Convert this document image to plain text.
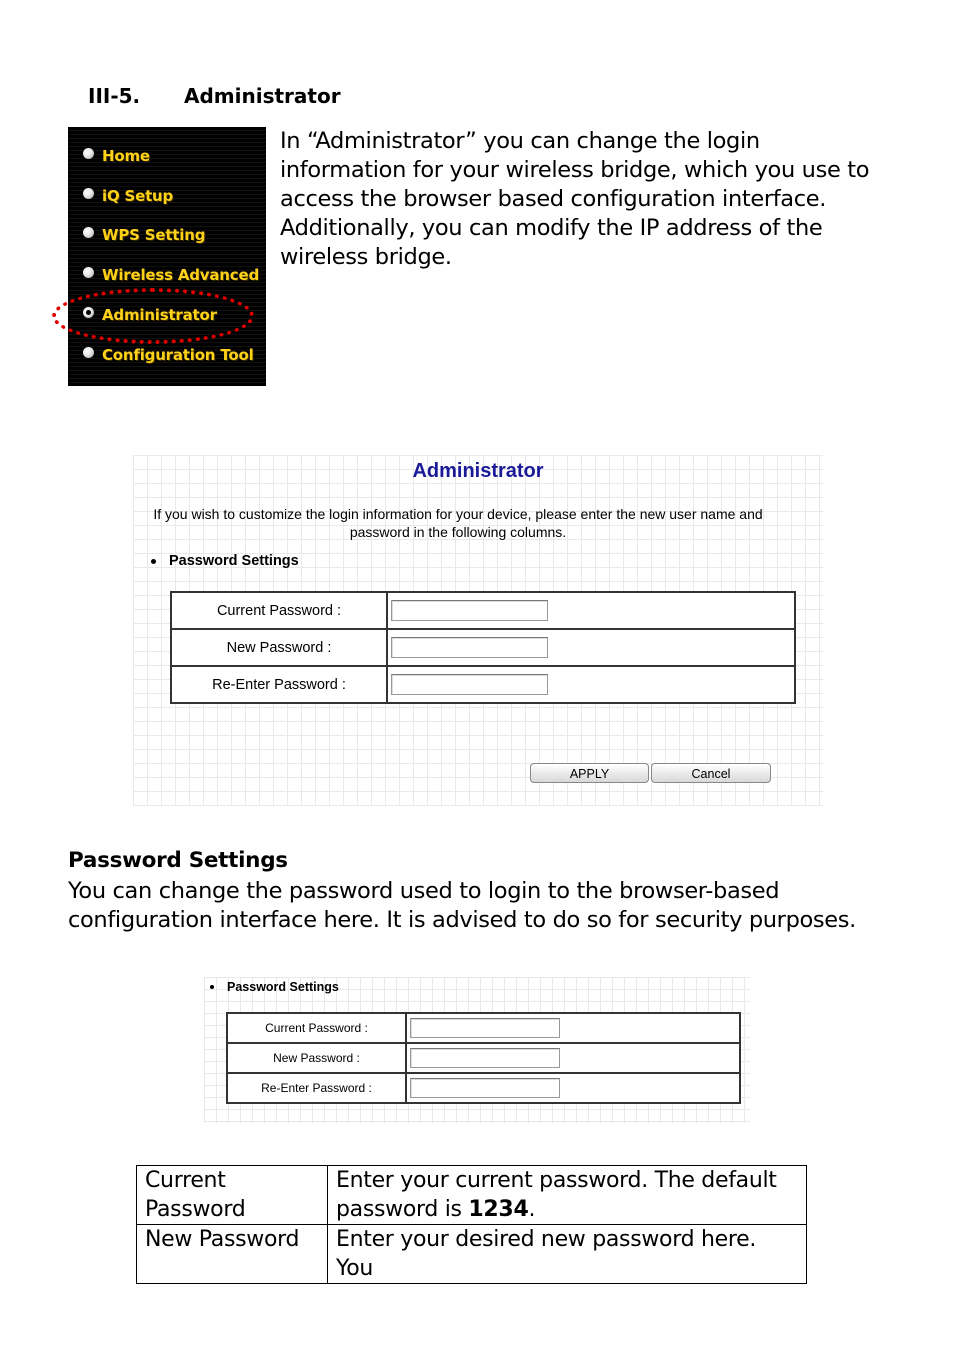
III-5. Administrator
Home
iQ Setup
WPS Setting
Wireless Advanced
Administrator
Configuration Tool
In “Administrator” you can change the login information for your wireless bridge, which you use to access the browser based configuration interface. Additionally, you can modify the IP address of the wireless bridge.
Administrator
If you wish to customize the login information for your device, please enter the new user name and password in the following columns.
Password Settings
Current Password :	

New Password :	

Re-Enter Password :	
APPLY	Cancel
Password Settings
You can change the password used to login to the browser-based configuration interface here. It is advised to do so for security purposes.
Password Settings
Current Password :	

New Password :	

Re-Enter Password :	
Current Password	Enter your current password. The default password is 1234.
New Password	Enter your desired new password here. You
